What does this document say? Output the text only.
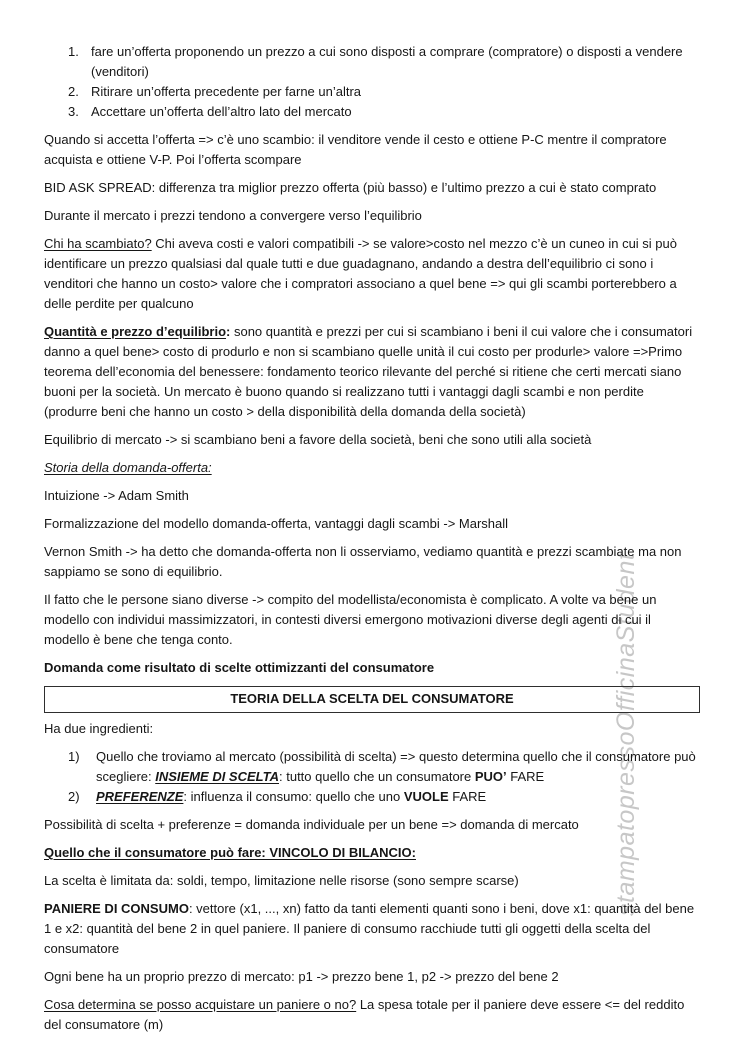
stampatopressoOfficinaStudent
1. fare un’offerta proponendo un prezzo a cui sono disposti a comprare (compratore) o disposti a vendere (venditori)
2. Ritirare un’offerta precedente per farne un’altra
3. Accettare un’offerta dell’altro lato del mercato

Quando si accetta l’offerta => c’è uno scambio: il venditore vende il cesto e ottiene P-C mentre il compratore acquista e ottiene V-P. Poi l’offerta scompare

BID ASK SPREAD: differenza tra miglior prezzo offerta (più basso) e l’ultimo prezzo a cui è stato comprato

Durante il mercato i prezzi tendono a convergere verso l’equilibrio

Chi ha scambiato? Chi aveva costi e valori compatibili -> se valore>costo nel mezzo c’è un cuneo in cui si può identificare un prezzo qualsiasi dal quale tutti e due guadagnano, andando a destra dell’equilibrio ci sono i venditori che hanno un costo> valore che i compratori associano a quel bene => qui gli scambi porterebbero a delle perdite per qualcuno

Quantità e prezzo d’equilibrio: sono quantità e prezzi per cui si scambiano i beni il cui valore che i consumatori danno a quel bene> costo di produrlo e non si scambiano quelle unità il cui costo per produrle> valore =>Primo teorema dell’economia del benessere: fondamento teorico rilevante del perché si ritiene che certi mercati siano buoni per la società. Un mercato è buono quando si realizzano tutti i vantaggi dagli scambi e non perdite (produrre beni che hanno un costo > della disponibilità della domanda della società)

Equilibrio di mercato -> si scambiano beni a favore della società, beni che sono utili alla società

Storia della domanda-offerta:

Intuizione -> Adam Smith

Formalizzazione del modello domanda-offerta, vantaggi dagli scambi -> Marshall

Vernon Smith -> ha detto che domanda-offerta non li osserviamo, vediamo quantità e prezzi scambiate ma non sappiamo se sono di equilibrio.

Il fatto che le persone siano diverse -> compito del modellista/economista è complicato. A volte va bene un modello con individui massimizzatori, in contesti diversi emergono motivazioni diverse degli agenti di cui il modello è bene che tenga conto.

Domanda come risultato di scelte ottimizzanti del consumatore

TEORIA DELLA SCELTA DEL CONSUMATORE

Ha due ingredienti:

1)	Quello che troviamo al mercato (possibilità di scelta) => questo determina quello che il consumatore può scegliere: INSIEME DI SCELTA: tutto quello che un consumatore PUO’ FARE
2)	PREFERENZE: influenza il consumo: quello che uno VUOLE FARE

Possibilità di scelta + preferenze = domanda individuale per un bene => domanda di mercato

Quello che il consumatore può fare: VINCOLO DI BILANCIO:

La scelta è limitata da: soldi, tempo, limitazione nelle risorse (sono sempre scarse)

PANIERE DI CONSUMO: vettore (x1, ..., xn) fatto da tanti elementi quanti sono i beni, dove x1: quantità del bene 1 e x2: quantità del bene 2 in quel paniere. Il paniere di consumo racchiude tutti gli oggetti della scelta del consumatore

Ogni bene ha un proprio prezzo di mercato: p1 -> prezzo bene 1, p2 -> prezzo del bene 2

Cosa determina se posso acquistare un paniere o no? La spesa totale per il paniere deve essere <= del reddito del consumatore (m)
